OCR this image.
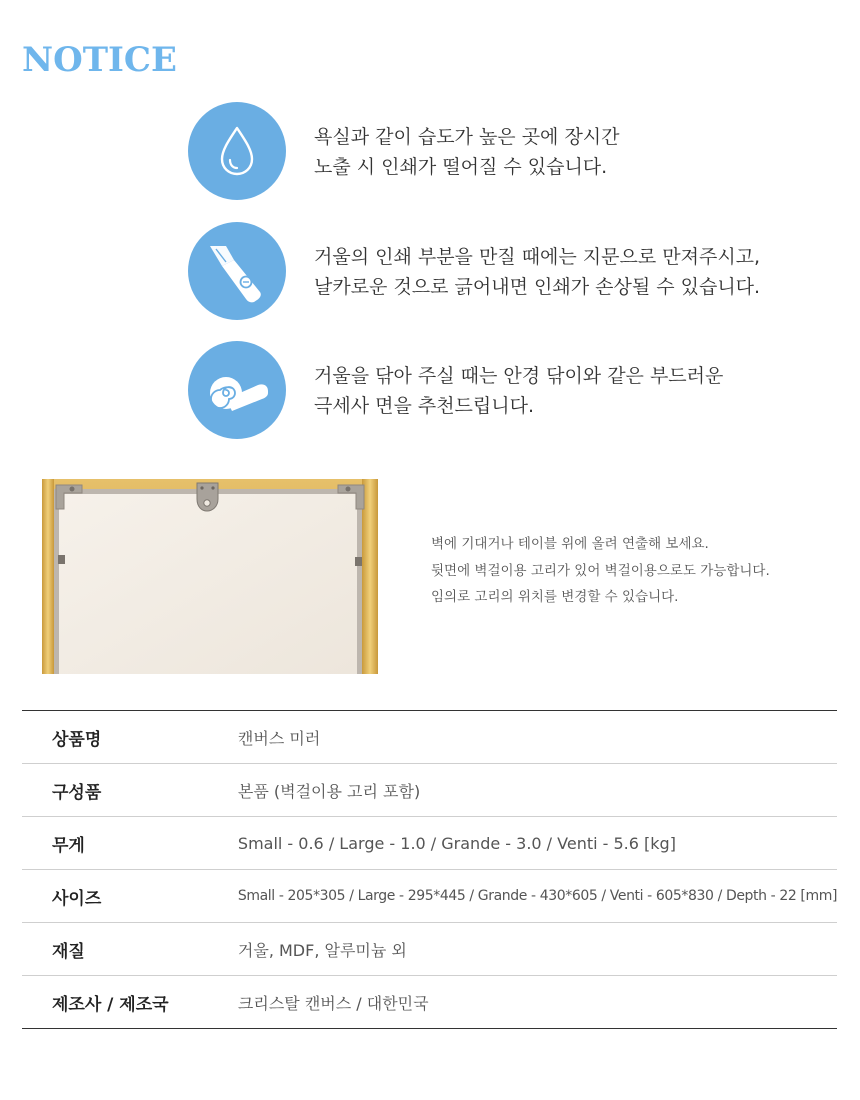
NOTICE
욕실과 같이 습도가 높은 곳에 장시간
노출 시 인쇄가 떨어질 수 있습니다.
거울의 인쇄 부분을 만질 때에는 지문으로 만져주시고,
날카로운 것으로 긁어내면 인쇄가 손상될 수 있습니다.
거울을 닦아 주실 때는 안경 닦이와 같은 부드러운
극세사 면을 추천드립니다.
벽에 기대거나 테이블 위에 올려 연출해 보세요.
뒷면에 벽걸이용 고리가 있어 벽걸이용으로도 가능합니다.
임의로 고리의 위치를 변경할 수 있습니다.
상품명	캔버스 미러
구성품	본품 (벽걸이용 고리 포함)
무게	Small - 0.6 / Large - 1.0 / Grande - 3.0 / Venti - 5.6 [kg]
사이즈	Small - 205*305 / Large - 295*445 / Grande - 430*605 / Venti - 605*830 / Depth - 22 [mm]
재질	거울, MDF, 알루미늄 외
제조사 / 제조국	크리스탈 캔버스 / 대한민국
